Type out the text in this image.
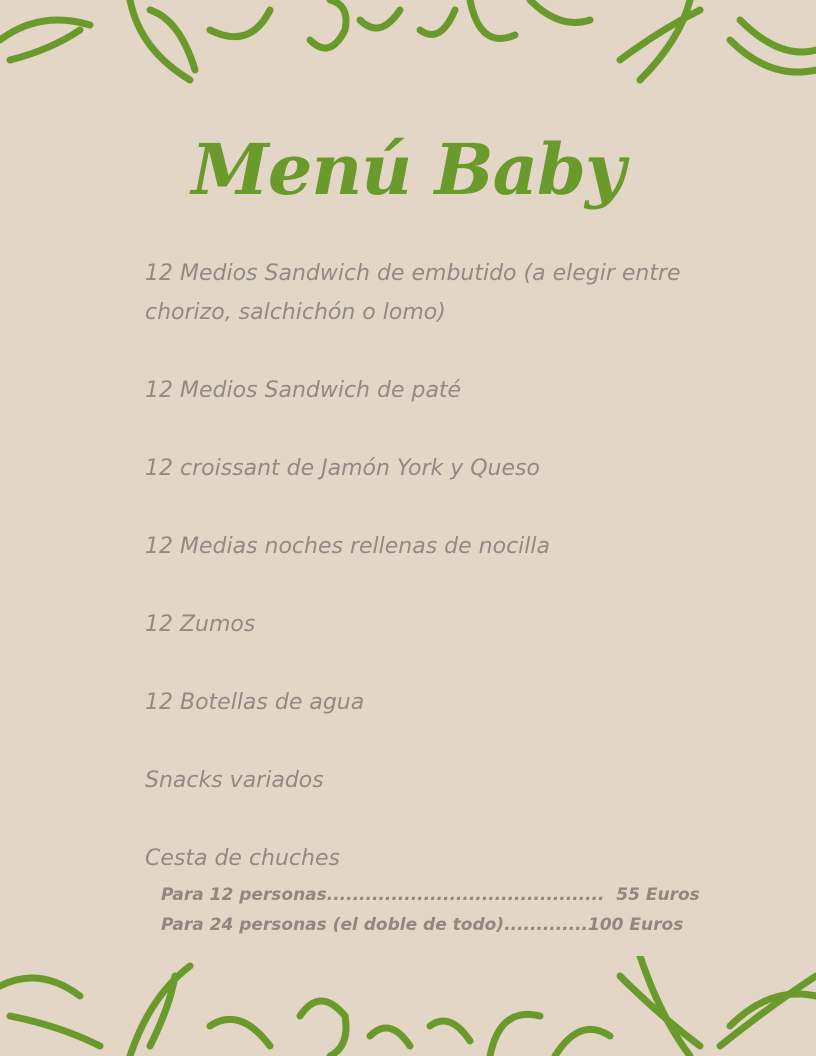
Menú Baby
12 Medios Sandwich de embutido (a elegir entre chorizo, salchichón o lomo)
12 Medios Sandwich de paté
12 croissant de Jamón York y Queso
12 Medias noches rellenas de nocilla
12 Zumos
12 Botellas de agua
Snacks variados
Cesta de chuches
Para 12 personas...........................................  55 Euros
Para 24 personas (el doble de todo).............100 Euros
